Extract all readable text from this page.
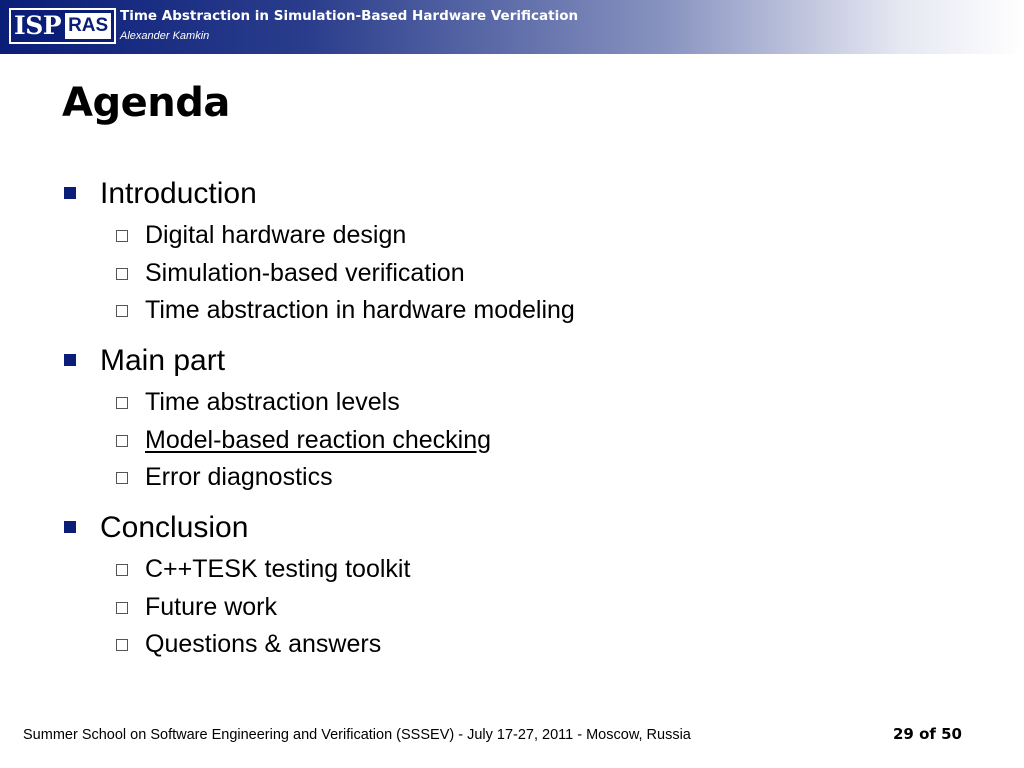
ISP RAS Time Abstraction in Simulation-Based Hardware Verification
Alexander Kamkin
Agenda
Introduction
Digital hardware design
Simulation-based verification
Time abstraction in hardware modeling
Main part
Time abstraction levels
Model-based reaction checking
Error diagnostics
Conclusion
C++TESK testing toolkit
Future work
Questions & answers
Summer School on Software Engineering and Verification (SSSEV) - July 17-27, 2011 - Moscow, Russia	29 of 50
